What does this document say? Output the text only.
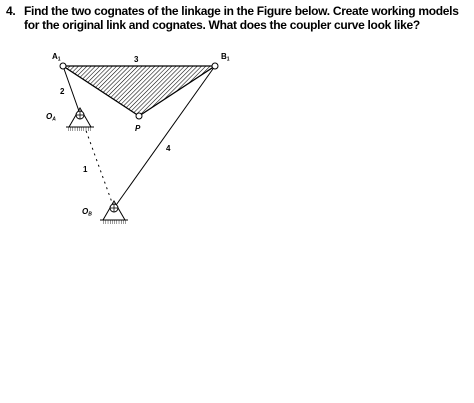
4. Find the two cognates of the linkage in the Figure below. Create working models for the original link and cognates. What does the coupler curve look like?
A1	B1
3
2
4
1
P
OA
OB
